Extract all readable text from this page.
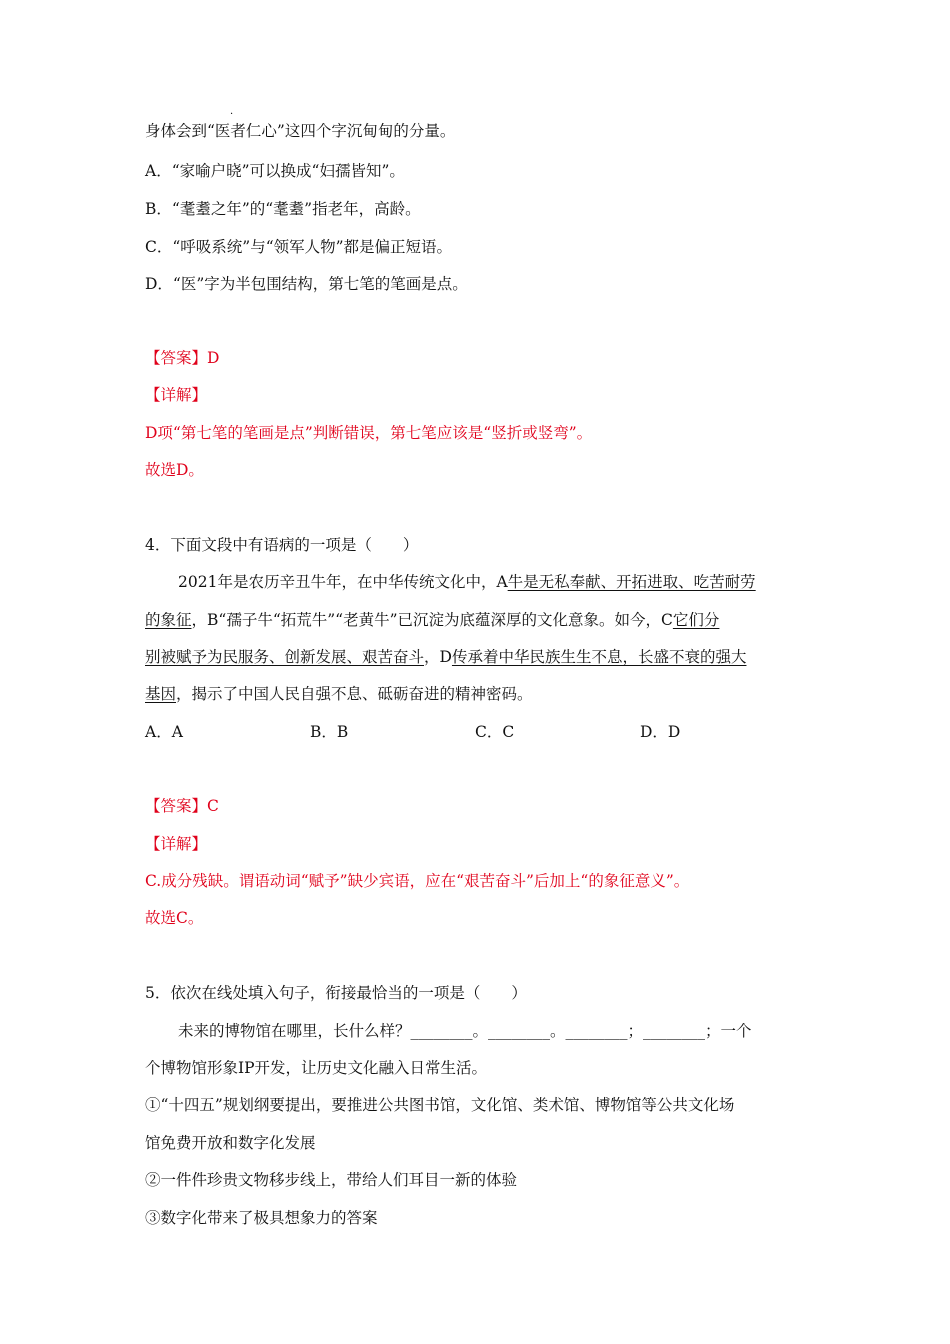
·
身体会到“医者仁心”这四个字沉甸甸的分量。
A．“家喻户晓”可以换成“妇孺皆知”。
B．“耄耋之年”的“耄耋”指老年，高龄。
C．“呼吸系统”与“领军人物”都是偏正短语。
D．“医”字为半包围结构，第七笔的笔画是点。
【答案】D
【详解】
D项“第七笔的笔画是点”判断错误，第七笔应该是“竖折或竖弯”。
故选D。
4．下面文段中有语病的一项是（　　）
2021年是农历辛丑牛年，在中华传统文化中，A牛是无私奉献、开拓进取、吃苦耐劳
的象征，B“孺子牛“拓荒牛”“老黄牛”已沉淀为底蕴深厚的文化意象。如今，C它们分
别被赋予为民服务、创新发展、艰苦奋斗，D传承着中华民族生生不息，长盛不衰的强大
基因，揭示了中国人民自强不息、砥砺奋进的精神密码。
A．A	B．B	C．C	D．D
【答案】C
【详解】
C.成分残缺。谓语动词“赋予”缺少宾语，应在“艰苦奋斗”后加上“的象征意义”。
故选C。
5．依次在线处填入句子，衔接最恰当的一项是（　　）
未来的博物馆在哪里，长什么样？________。________。________；________；一个
个博物馆形象IP开发，让历史文化融入日常生活。
①“十四五”规划纲要提出，要推进公共图书馆，文化馆、类术馆、博物馆等公共文化场
馆免费开放和数字化发展
②一件件珍贵文物移步线上，带给人们耳目一新的体验
③数字化带来了极具想象力的答案
